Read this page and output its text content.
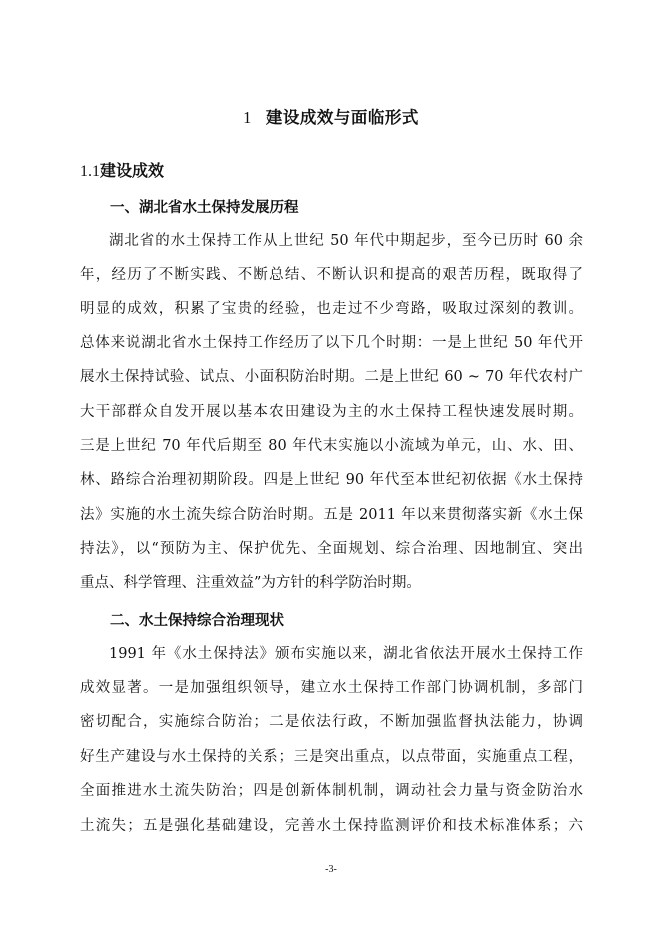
1 建设成效与面临形式
1.1建设成效
一、湖北省水土保持发展历程
湖北省的水土保持工作从上世纪 50 年代中期起步，至今已历时 60 余
年，经历了不断实践、不断总结、不断认识和提高的艰苦历程，既取得了
明显的成效，积累了宝贵的经验，也走过不少弯路，吸取过深刻的教训。
总体来说湖北省水土保持工作经历了以下几个时期：一是上世纪 50 年代开
展水土保持试验、试点、小面积防治时期。二是上世纪 60 ~ 70 年代农村广
大干部群众自发开展以基本农田建设为主的水土保持工程快速发展时期。
三是上世纪 70 年代后期至 80 年代末实施以小流域为单元，山、水、田、
林、路综合治理初期阶段。四是上世纪 90 年代至本世纪初依据《水土保持
法》实施的水土流失综合防治时期。五是 2011 年以来贯彻落实新《水土保
持法》，以“预防为主、保护优先、全面规划、综合治理、因地制宜、突出
重点、科学管理、注重效益”为方针的科学防治时期。
二、水土保持综合治理现状
1991 年《水土保持法》颁布实施以来，湖北省依法开展水土保持工作
成效显著。一是加强组织领导，建立水土保持工作部门协调机制，多部门
密切配合，实施综合防治；二是依法行政，不断加强监督执法能力，协调
好生产建设与水土保持的关系；三是突出重点，以点带面，实施重点工程，
全面推进水土流失防治；四是创新体制机制，调动社会力量与资金防治水
土流失；五是强化基础建设，完善水土保持监测评价和技术标准体系；六
-3-
